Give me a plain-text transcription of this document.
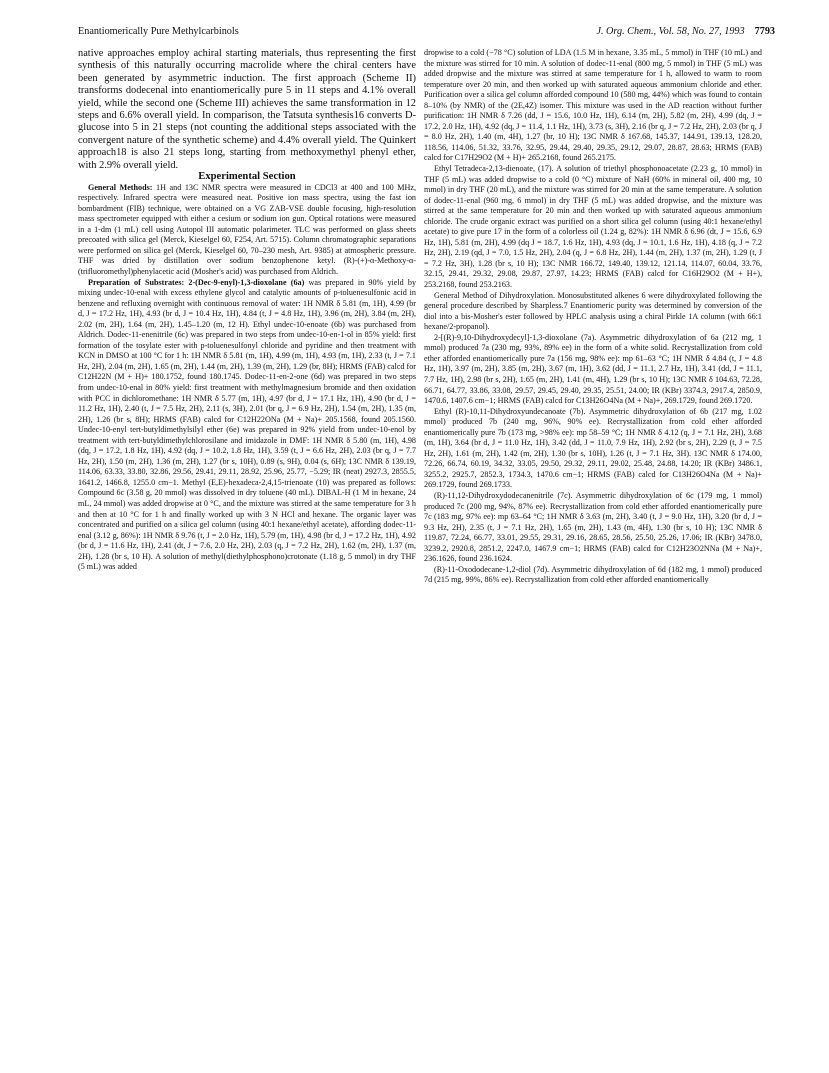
Enantiomerically Pure Methylcarbinols	J. Org. Chem., Vol. 58, No. 27, 1993 7793

native approaches employ achiral starting materials, thus representing the first synthesis of this naturally occurring macrolide where the chiral centers have been generated by asymmetric induction. The first approach (Scheme II) transforms dodecenal into enantiomerically pure 5 in 11 steps and 4.1% overall yield, while the second one (Scheme III) achieves the same transformation in 12 steps and 6.6% overall yield. In comparison, the Tatsuta synthesis16 converts D-glucose into 5 in 21 steps (not counting the additional steps associated with the convergent nature of the synthetic scheme) and 4.4% overall yield. The Quinkert approach18 is also 21 steps long, starting from methoxymethyl phenyl ether, with 2.9% overall yield.

Experimental Section

General Methods: 1H and 13C NMR spectra were measured in CDCl3 at 400 and 100 MHz, respectively. Infrared spectra were measured neat. Positive ion mass spectra, using the fast ion bombardment (FIB) technique, were obtained on a VG ZAB-VSE double focusing, high-resolution mass spectrometer equipped with either a cesium or sodium ion gun. Optical rotations were measured in a 1-dm (1 mL) cell using Autopol III automatic polarimeter. TLC was performed on glass sheets precoated with silica gel (Merck, Kieselgel 60, F254, Art. 5715). Column chromatographic separations were performed on silica gel (Merck, Kieselgel 60, 70–230 mesh, Art. 9385) at atmospheric pressure. THF was dried by distillation over sodium benzophenone ketyl. (R)-(+)-α-Methoxy-α-(trifluoromethyl)phenylacetic acid (Mosher's acid) was purchased from Aldrich.

Preparation of Substrates: 2-(Dec-9-enyl)-1,3-dioxolane (6a) was prepared in 90% yield by mixing undec-10-enal with excess ethylene glycol and catalytic amounts of p-toluenesulfonic acid in benzene and refluxing overnight with continuous removal of water: 1H NMR δ 5.81 (m, 1H), 4.99 (br d, J = 17.2 Hz, 1H), 4.93 (br d, J = 10.4 Hz, 1H), 4.84 (t, J = 4.8 Hz, 1H), 3.96 (m, 2H), 3.84 (m, 2H), 2.02 (m, 2H), 1.64 (m, 2H), 1.45–1.20 (m, 12 H). Ethyl undec-10-enoate (6b) was purchased from Aldrich. Dodec-11-enenitrile (6c) was prepared in two steps from undec-10-en-1-ol in 85% yield: first formation of the tosylate ester with p-toluenesulfonyl chloride and pyridine and then treatment with KCN in DMSO at 100 °C for 1 h: 1H NMR δ 5.81 (m, 1H), 4.99 (m, 1H), 4.93 (m, 1H), 2.33 (t, J = 7.1 Hz, 2H), 2.04 (m, 2H), 1.65 (m, 2H), 1.44 (m, 2H), 1.39 (m, 2H), 1.29 (br, 8H); HRMS (FAB) calcd for C12H22N (M + H)+ 180.1752, found 180.1745. Dodec-11-en-2-one (6d) was prepared in two steps from undec-10-enal in 80% yield: first treatment with methylmagnesium bromide and then oxidation with PCC in dichloromethane: 1H NMR δ 5.77 (m, 1H), 4.97 (br d, J = 17.1 Hz, 1H), 4.90 (br d, J = 11.2 Hz, 1H), 2.40 (t, J = 7.5 Hz, 2H), 2.11 (s, 3H), 2.01 (br q, J = 6.9 Hz, 2H), 1.54 (m, 2H), 1.35 (m, 2H), 1.26 (br s, 8H); HRMS (FAB) calcd for C12H22ONa (M + Na)+ 205.1568, found 205.1560. Undec-10-enyl tert-butyldimethylsilyl ether (6e) was prepared in 92% yield from undec-10-enol by treatment with tert-butyldimethylchlorosilane and imidazole in DMF: 1H NMR δ 5.80 (m, 1H), 4.98 (dq, J = 17.2, 1.8 Hz, 1H), 4.92 (dq, J = 10.2, 1.8 Hz, 1H), 3.59 (t, J = 6.6 Hz, 2H), 2.03 (br q, J = 7.7 Hz, 2H), 1.50 (m, 2H), 1.36 (m, 2H), 1.27 (br s, 10H), 0.89 (s, 9H), 0.04 (s, 6H); 13C NMR δ 139.19, 114.06, 63.33, 33.80, 32.86, 29.56, 29.41, 29.11, 28.92, 25.96, 25.77, −5.29; IR (neat) 2927.3, 2855.5, 1641.2, 1466.8, 1255.0 cm−1. Methyl (E,E)-hexadeca-2,4,15-trienoate (10) was prepared as follows: Compound 6c (3.58 g, 20 mmol) was dissolved in dry toluene (40 mL). DIBAL-H (1 M in hexane, 24 mL, 24 mmol) was added dropwise at 0 °C, and the mixture was stirred at the same temperature for 3 h and then at 10 °C for 1 h and finally worked up with 3 N HCl and hexane. The organic layer was concentrated and purified on a silica gel column (using 40:1 hexane/ethyl acetate), affording dodec-11-enal (3.12 g, 86%): 1H NMR δ 9.76 (t, J = 2.0 Hz, 1H), 5.79 (m, 1H), 4.98 (br d, J = 17.2 Hz, 1H), 4.92 (br d, J = 11.6 Hz, 1H), 2.41 (dt, J = 7.6, 2.0 Hz, 2H), 2.03 (q, J = 7.2 Hz, 2H), 1.62 (m, 2H), 1.37 (m, 2H), 1.28 (br s, 10 H). A solution of methyl(diethylphosphono)crotonate (1.18 g, 5 mmol) in dry THF (5 mL) was added

dropwise to a cold (−78 °C) solution of LDA (1.5 M in hexane, 3.35 mL, 5 mmol) in THF (10 mL) and the mixture was stirred for 10 min. A solution of dodec-11-enal (800 mg, 5 mmol) in THF (5 mL) was added dropwise and the mixture was stirred at same temperature for 1 h, allowed to warm to room temperature over 20 min, and then worked up with saturated aqueous ammonium chloride and ether. Purification over a silica gel column afforded compound 10 (580 mg, 44%) which was found to contain 8–10% (by NMR) of the (2E,4Z) isomer. This mixture was used in the AD reaction without further purification: 1H NMR δ 7.26 (dd, J = 15.6, 10.0 Hz, 1H), 6.14 (m, 2H), 5.82 (m, 2H), 4.99 (dq, J = 17.2, 2.0 Hz, 1H), 4.92 (dq, J = 11.4, 1.1 Hz, 1H), 3.73 (s, 3H), 2.16 (br q, J = 7.2 Hz, 2H), 2.03 (br q, J = 8.0 Hz, 2H), 1.40 (m, 4H), 1.27 (br, 10 H); 13C NMR δ 167.68, 145.37, 144.91, 139.13, 128.20, 118.56, 114.06, 51.32, 33.76, 32.95, 29.44, 29.40, 29.35, 29.12, 29.07, 28.87, 28.63; HRMS (FAB) calcd for C17H29O2 (M + H)+ 265.2168, found 265.2175.

Ethyl Tetradeca-2,13-dienoate, (17). A solution of triethyl phosphonoacetate (2.23 g, 10 mmol) in THF (5 mL) was added dropwise to a cold (0 °C) mixture of NaH (60% in mineral oil, 400 mg, 10 mmol) in dry THF (20 mL), and the mixture was stirred for 20 min at the same temperature. A solution of dodec-11-enal (960 mg, 6 mmol) in dry THF (5 mL) was added dropwise, and the mixture was stirred at the same temperature for 20 min and then worked up with saturated aqueous ammonium chloride. The crude organic extract was purified on a short silica gel column (using 40:1 hexane/ethyl acetate) to give pure 17 in the form of a colorless oil (1.24 g, 82%): 1H NMR δ 6.96 (dt, J = 15.6, 6.9 Hz, 1H), 5.81 (m, 2H), 4.99 (dq J = 18.7, 1.6 Hz, 1H), 4.93 (dq, J = 10.1, 1.6 Hz, 1H), 4.18 (q, J = 7.2 Hz, 2H), 2.19 (qd, J = 7.0, 1.5 Hz, 2H), 2.04 (q, J = 6.8 Hz, 2H), 1.44 (m, 2H), 1.37 (m, 2H), 1.29 (t, J = 7.2 Hz, 3H), 1.28 (br s, 10 H); 13C NMR 166.72, 149.40, 139.12, 121.14, 114.07, 60.04, 33.76, 32.15, 29.41, 29.32, 29.08, 29.87, 27.97, 14.23; HRMS (FAB) calcd for C16H29O2 (M + H+), 253.2168, found 253.2163.

General Method of Dihydroxylation. Monosubstituted alkenes 6 were dihydroxylated following the general procedure described by Sharpless.7 Enantiomeric purity was determined by conversion of the diol into a bis-Mosher's ester followed by HPLC analysis using a chiral Pirkle 1A column (with 66:1 hexane/2-propanol).

2-[(R)-9,10-Dihydroxydecyl]-1,3-dioxolane (7a). Asymmetric dihydroxylation of 6a (212 mg, 1 mmol) produced 7a (230 mg, 93%, 89% ee) in the form of a white solid. Recrystallization from cold ether afforded enantiomerically pure 7a (156 mg, 98% ee): mp 61–63 °C; 1H NMR δ 4.84 (t, J = 4.8 Hz, 1H), 3.97 (m, 2H), 3.85 (m, 2H), 3.67 (m, 1H), 3.62 (dd, J = 11.1, 2.7 Hz, 1H), 3.41 (dd, J = 11.1, 7.7 Hz, 1H), 2.98 (br s, 2H), 1.65 (m, 2H), 1.41 (m, 4H), 1.29 (br s, 10 H); 13C NMR δ 104.63, 72.28, 66.71, 64.77, 33.86, 33.08, 29.57, 29.45, 29.40, 29.35, 25.51, 24.00; IR (KBr) 3374.3, 2917.4, 2850.9, 1470.6, 1407.6 cm−1; HRMS (FAB) calcd for C13H26O4Na (M + Na)+, 269.1729, found 269.1720.

Ethyl (R)-10,11-Dihydroxyundecanoate (7b). Asymmetric dihydroxylation of 6b (217 mg, 1.02 mmol) produced 7b (240 mg, 96%, 90% ee). Recrystallization from cold ether afforded enantiomerically pure 7b (173 mg, >98% ee): mp 58–59 °C; 1H NMR δ 4.12 (q, J = 7.1 Hz, 2H), 3.68 (m, 1H), 3.64 (br d, J = 11.0 Hz, 1H), 3.42 (dd, J = 11.0, 7.9 Hz, 1H), 2.92 (br s, 2H), 2.29 (t, J = 7.5 Hz, 2H), 1.61 (m, 2H), 1.42 (m, 2H), 1.30 (br s, 10H), 1.26 (t, J = 7.1 Hz, 3H). 13C NMR δ 174.00, 72.26, 66.74, 60.19, 34.32, 33.05, 29.50, 29.32, 29.11, 29.02, 25.48, 24.88, 14.20; IR (KBr) 3486.1, 3255.2, 2925.7, 2852.3, 1734.3, 1470.6 cm−1; HRMS (FAB) calcd for C13H26O4Na (M + Na)+ 269.1729, found 269.1733.

(R)-11,12-Dihydroxydodecanenitrile (7c). Asymmetric dihydroxylation of 6c (179 mg, 1 mmol) produced 7c (200 mg, 94%, 87% ee). Recrystallization from cold ether afforded enantiomerically pure 7c (183 mg, 97% ee): mp 63–64 °C; 1H NMR δ 3.63 (m, 2H), 3.40 (t, J = 9.0 Hz, 1H), 3.20 (br d, J = 9.3 Hz, 2H), 2.35 (t, J = 7.1 Hz, 2H), 1.65 (m, 2H), 1.43 (m, 4H), 1.30 (br s, 10 H); 13C NMR δ 119.87, 72.24, 66.77, 33.01, 29.55, 29.31, 29.16, 28.65, 28.56, 25.50, 25.26, 17.06; IR (KBr) 3478.0, 3239.2, 2920.8, 2851.2, 2247.0, 1467.9 cm−1; HRMS (FAB) calcd for C12H23O2NNa (M + Na)+, 236.1626, found 236.1624.

(R)-11-Oxododecane-1,2-diol (7d). Asymmetric dihydroxylation of 6d (182 mg, 1 mmol) produced 7d (215 mg, 99%, 86% ee). Recrystallization from cold ether afforded enantiomerically
